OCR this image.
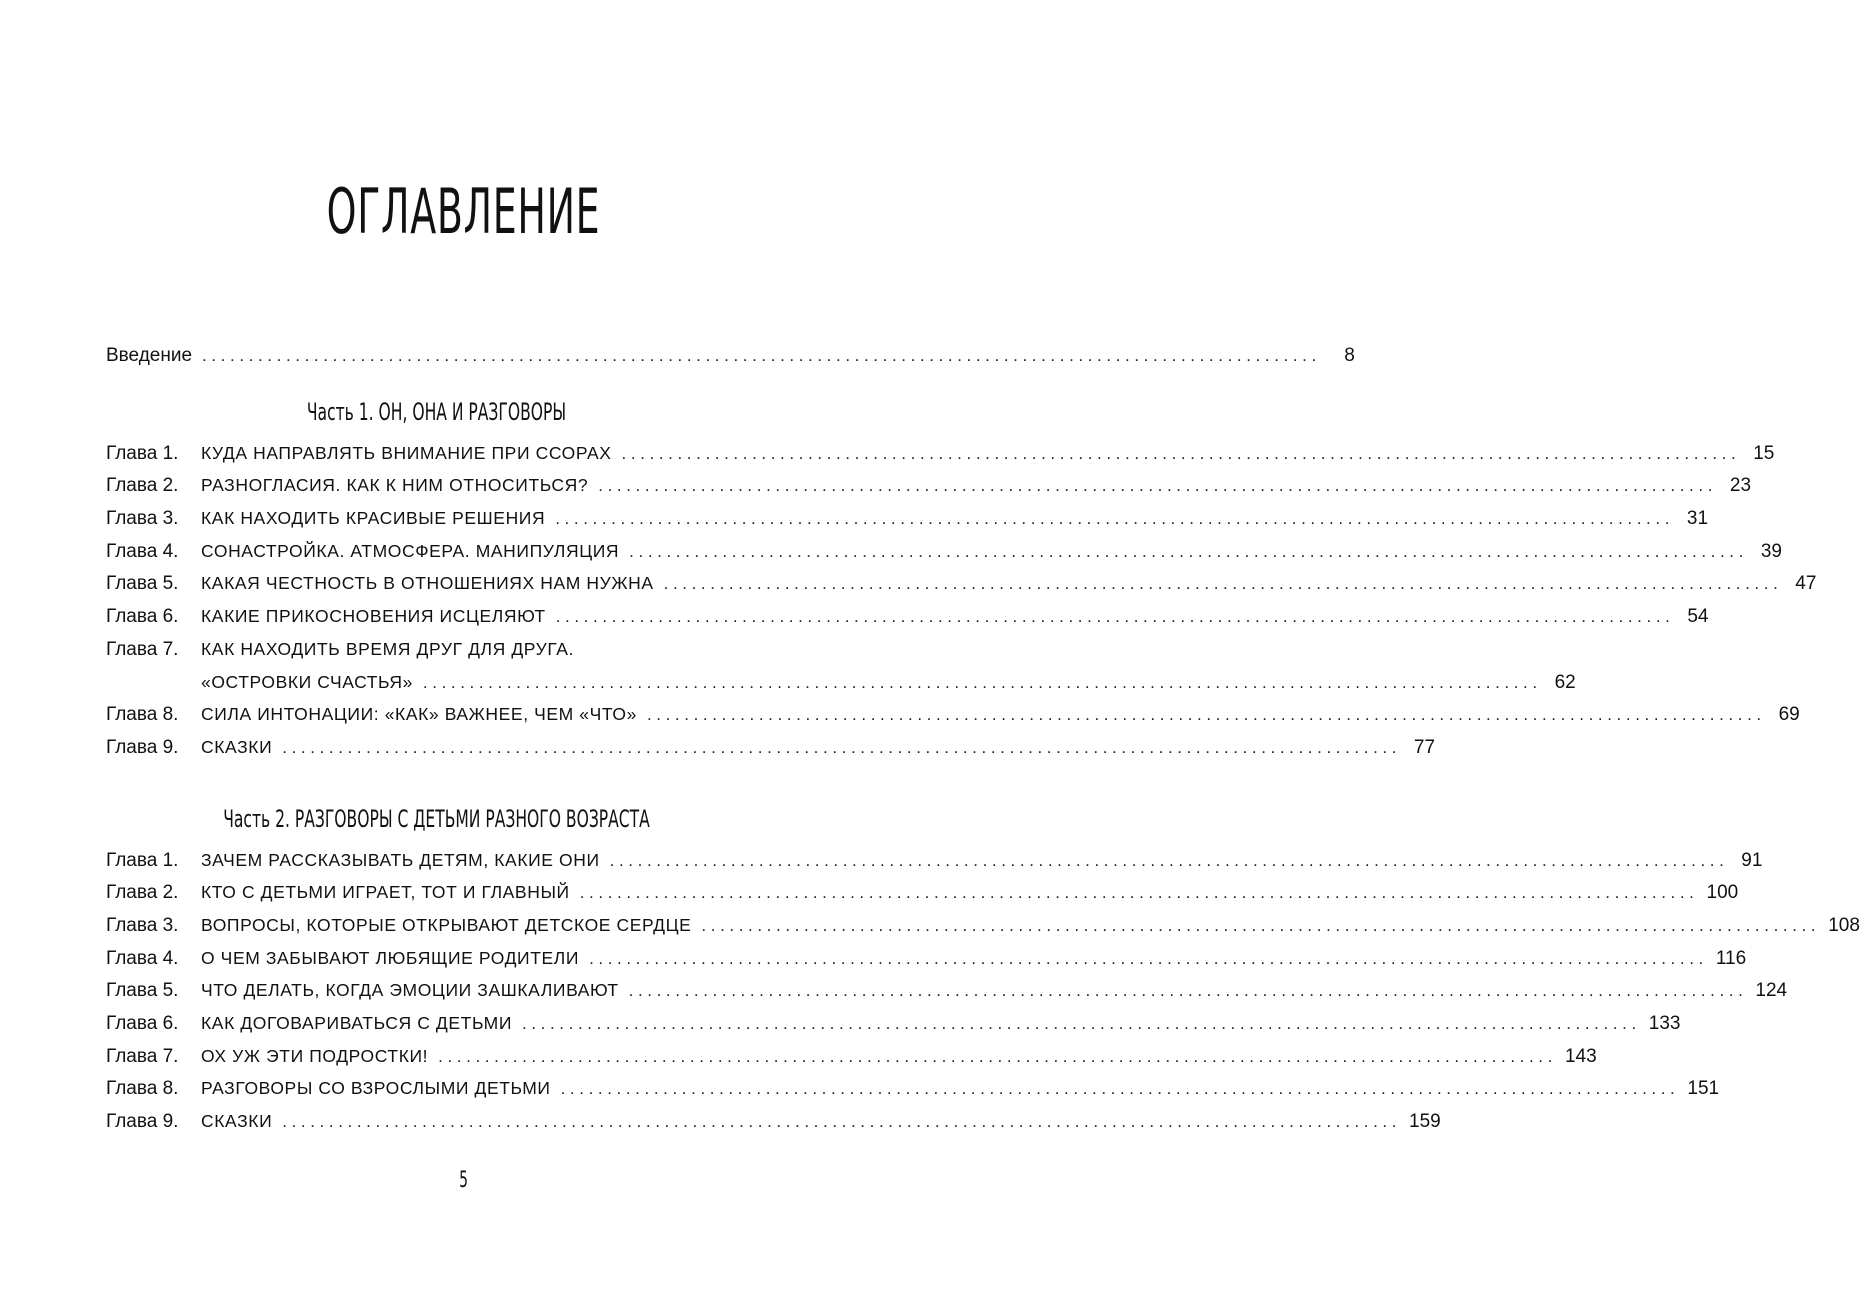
ОГЛАВЛЕНИЕ
Введение ........................................................................................................................	8
Часть 1. ОН, ОНА И РАЗГОВОРЫ
Глава 1.	КУДА НАПРАВЛЯТЬ ВНИМАНИЕ ПРИ ССОРАХ ........................................................................................................................ 15
Глава 2.	РАЗНОГЛАСИЯ. КАК К НИМ ОТНОСИТЬСЯ? ........................................................................................................................ 23
Глава 3.	КАК НАХОДИТЬ КРАСИВЫЕ РЕШЕНИЯ ........................................................................................................................ 31
Глава 4.	СОНАСТРОЙКА. АТМОСФЕРА. МАНИПУЛЯЦИЯ ........................................................................................................................ 39
Глава 5.	КАКАЯ ЧЕСТНОСТЬ В ОТНОШЕНИЯХ НАМ НУЖНА ........................................................................................................................ 47
Глава 6.	КАКИЕ ПРИКОСНОВЕНИЯ ИСЦЕЛЯЮТ ........................................................................................................................ 54
Глава 7.	КАК НАХОДИТЬ ВРЕМЯ ДРУГ ДЛЯ ДРУГА.
«ОСТРОВКИ СЧАСТЬЯ» ........................................................................................................................ 62
Глава 8.	СИЛА ИНТОНАЦИИ: «КАК» ВАЖНЕЕ, ЧЕМ «ЧТО» ........................................................................................................................ 69
Глава 9.	СКАЗКИ ........................................................................................................................ 77
Часть 2. РАЗГОВОРЫ С ДЕТЬМИ РАЗНОГО ВОЗРАСТА
Глава 1.	ЗАЧЕМ РАССКАЗЫВАТЬ ДЕТЯМ, КАКИЕ ОНИ ........................................................................................................................ 91
Глава 2.	КТО С ДЕТЬМИ ИГРАЕТ, ТОТ И ГЛАВНЫЙ ........................................................................................................................ 100
Глава 3.	ВОПРОСЫ, КОТОРЫЕ ОТКРЫВАЮТ ДЕТСКОЕ СЕРДЦЕ ........................................................................................................................ 108
Глава 4.	О ЧЕМ ЗАБЫВАЮТ ЛЮБЯЩИЕ РОДИТЕЛИ ........................................................................................................................ 116
Глава 5.	ЧТО ДЕЛАТЬ, КОГДА ЭМОЦИИ ЗАШКАЛИВАЮТ ........................................................................................................................ 124
Глава 6.	КАК ДОГОВАРИВАТЬСЯ С ДЕТЬМИ ........................................................................................................................ 133
Глава 7.	ОХ УЖ ЭТИ ПОДРОСТКИ! ........................................................................................................................ 143
Глава 8.	РАЗГОВОРЫ СО ВЗРОСЛЫМИ ДЕТЬМИ ........................................................................................................................ 151
Глава 9.	СКАЗКИ ........................................................................................................................ 159
5
